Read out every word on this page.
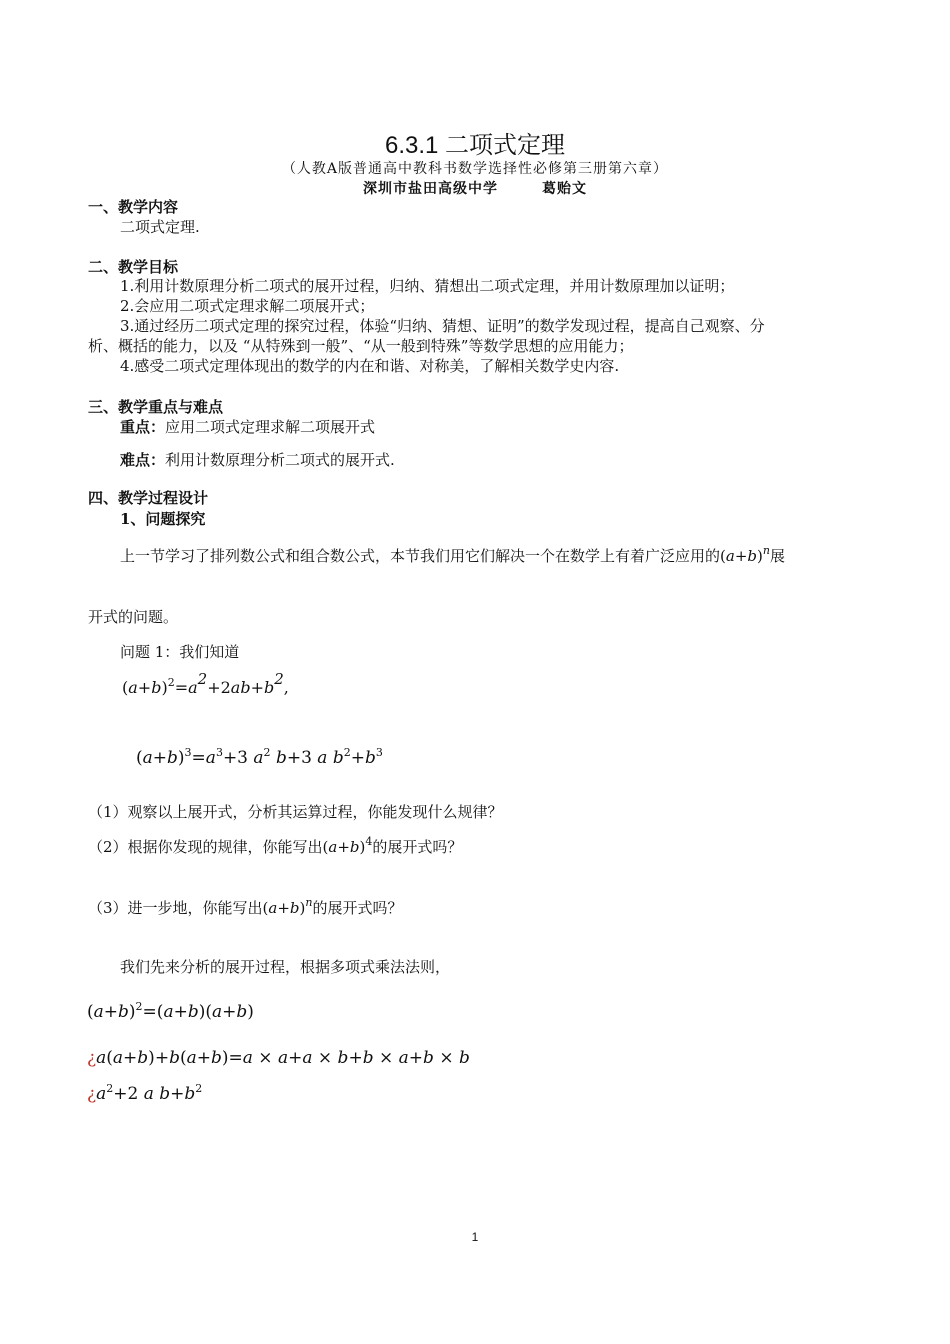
6.3.1 二项式定理
（人教A版普通高中教科书数学选择性必修第三册第六章）
深圳市盐田高级中学	葛贻文
一、教学内容
二项式定理.
二、教学目标
1.利用计数原理分析二项式的展开过程，归纳、猜想出二项式定理，并用计数原理加以证明；
2.会应用二项式定理求解二项展开式；
3.通过经历二项式定理的探究过程，体验“归纳、猜想、证明”的数学发现过程，提高自己观察、分
析、概括的能力，以及 “从特殊到一般”、“从一般到特殊”等数学思想的应用能力；
4.感受二项式定理体现出的数学的内在和谐、对称美，了解相关数学史内容.
三、教学重点与难点
重点：应用二项式定理求解二项展开式
难点：利用计数原理分析二项式的展开式.
四、教学过程设计
1、问题探究
上一节学习了排列数公式和组合数公式，本节我们用它们解决一个在数学上有着广泛应用的$(a+b)^n$展
开式的问题。
问题 1：我们知道
$(a+b)^2=a2+2ab+b2$,
$(a+b)^3=a^3+3$ $a^2$ b+3 a $b^2+b^3$
（1）观察以上展开式，分析其运算过程，你能发现什么规律？
（2）根据你发现的规律，你能写出$(a+b)^4$的展开式吗？
（3）进一步地，你能写出$(a+b)^n$的展开式吗？
我们先来分析的展开过程，根据多项式乘法法则，
$(a+b)^2=(a+b)(a+b)$
¿a(a+b)+b(a+b)=a × a+a × b+b × a+b × b
¿$a^2+2$ a $b+b^2$
1
